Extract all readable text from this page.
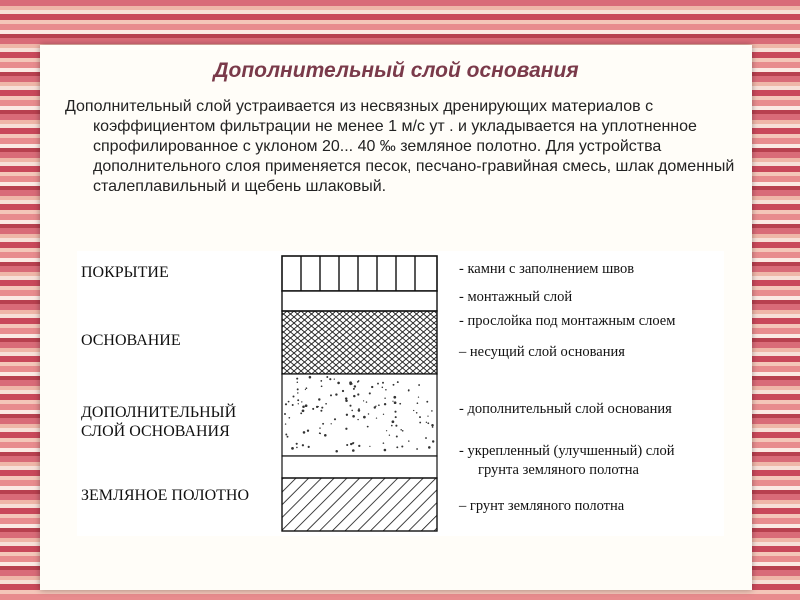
Дополнительный слой основания
Дополнительный слой устраивается из несвязных дренирующих материалов с коэффициентом фильтрации не менее 1 м/с ут . и укладывается на уплотненное спрофилированное с уклоном 20... 40 ‰ земляное полотно. Для устройства дополнительного слоя применяется песок, песчано-гравийная смесь, шлак доменный сталеплавильный и щебень шлаковый.
ПОКРЫТИЕ
ОСНОВАНИЕ
ДОПОЛНИТЕЛЬНЫЙ
СЛОЙ ОСНОВАНИЯ
ЗЕМЛЯНОЕ ПОЛОТНО
- камни с заполнением швов
- монтажный слой
- прослойка под монтажным слоем
– несущий слой основания
- дополнительный слой основания
- укрепленный (улучшенный) слой
грунта земляного полотна
– грунт земляного полотна
